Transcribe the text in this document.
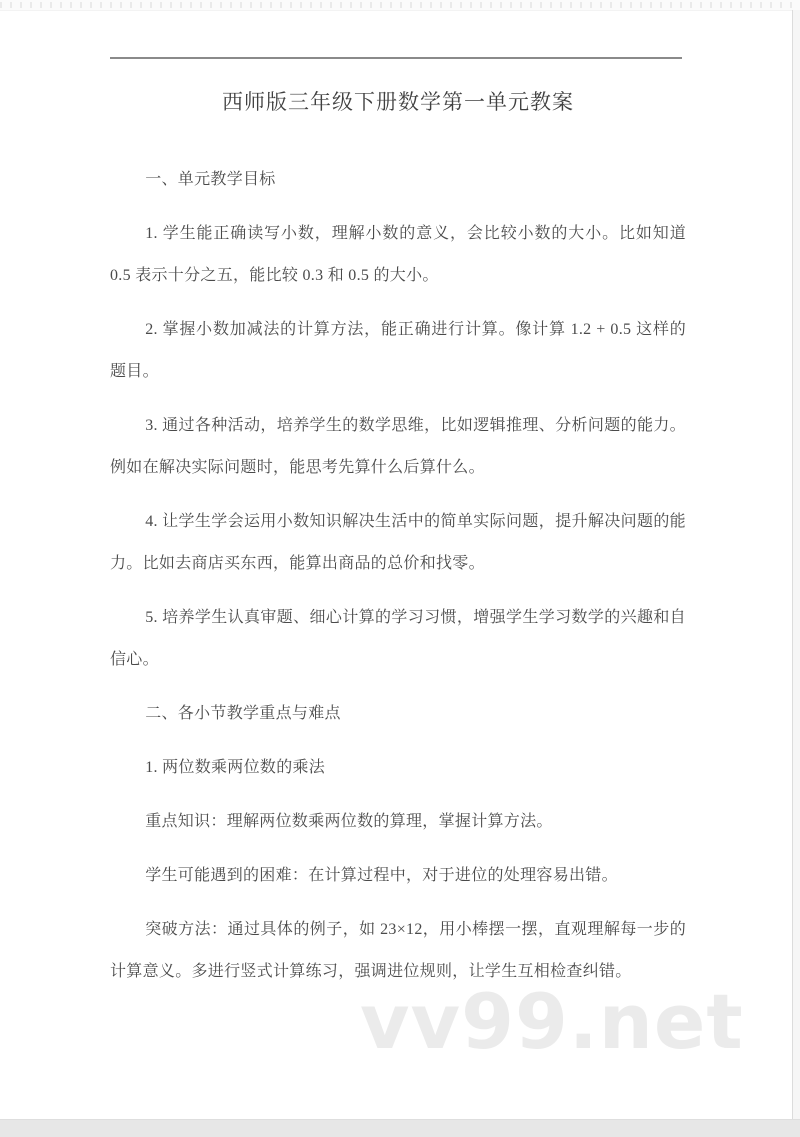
西师版三年级下册数学第一单元教案

一、单元教学目标

1. 学生能正确读写小数，理解小数的意义，会比较小数的大小。比如知道 0.5 表示十分之五，能比较 0.3 和 0.5 的大小。

2. 掌握小数加减法的计算方法，能正确进行计算。像计算 1.2 + 0.5 这样的题目。

3. 通过各种活动，培养学生的数学思维，比如逻辑推理、分析问题的能力。例如在解决实际问题时，能思考先算什么后算什么。

4. 让学生学会运用小数知识解决生活中的简单实际问题，提升解决问题的能力。比如去商店买东西，能算出商品的总价和找零。

5. 培养学生认真审题、细心计算的学习习惯，增强学生学习数学的兴趣和自信心。

二、各小节教学重点与难点

1. 两位数乘两位数的乘法

重点知识：理解两位数乘两位数的算理，掌握计算方法。

学生可能遇到的困难：在计算过程中，对于进位的处理容易出错。

突破方法：通过具体的例子，如 23×12，用小棒摆一摆，直观理解每一步的计算意义。多进行竖式计算练习，强调进位规则，让学生互相检查纠错。

vv99.net
